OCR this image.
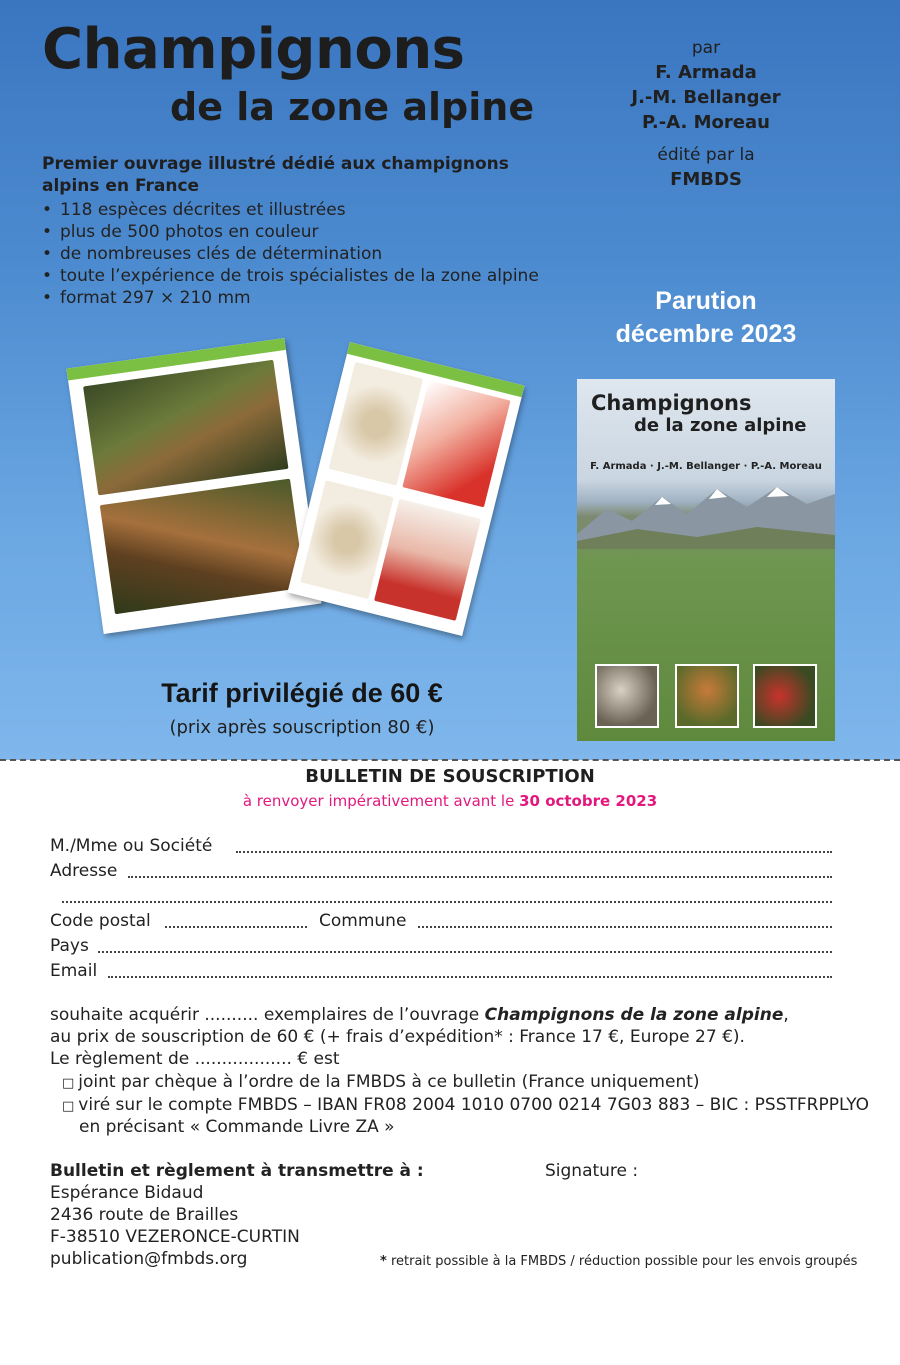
Champignons
de la zone alpine
par
F. Armada
J.-M. Bellanger
P.-A. Moreau
édité par la
FMBDS
Premier ouvrage illustré dédié aux champignons alpins en France
• 118 espèces décrites et illustrées
• plus de 500 photos en couleur
• de nombreuses clés de détermination
• toute l’expérience de trois spécialistes de la zone alpine
• format 297 × 210 mm	Parution
décembre 2023
Champignons
de la zone alpine
F. Armada · J.-M. Bellanger · P.-A. Moreau
Tarif privilégié de 60 €
(prix après souscription 80 €)
BULLETIN DE SOUSCRIPTION
à renvoyer impérativement avant le 30 octobre 2023
M./Mme ou Société
Adresse
Code postal	Commune
Pays
Email
souhaite acquérir .......... exemplaires de l’ouvrage Champignons de la zone alpine,
au prix de souscription de 60 € (+ frais d’expédition* : France 17 €, Europe 27 €).
Le règlement de .................. € est
□ joint par chèque à l’ordre de la FMBDS à ce bulletin (France uniquement)
□ viré sur le compte FMBDS – IBAN FR08 2004 1010 0700 0214 7G03 883 – BIC : PSSTFRPPLYO
en précisant « Commande Livre ZA »
Bulletin et règlement à transmettre à :
Espérance Bidaud
2436 route de Brailles
F-38510 VEZERONCE-CURTIN
publication@fmbds.org
Signature :
* retrait possible à la FMBDS / réduction possible pour les envois groupés
